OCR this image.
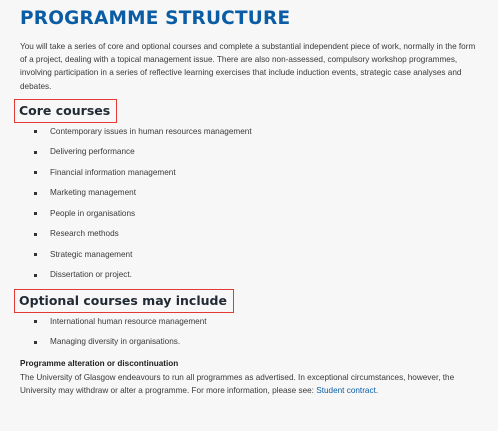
PROGRAMME STRUCTURE

You will take a series of core and optional courses and complete a substantial independent piece of work, normally in the form of a project, dealing with a topical management issue. There are also non-assessed, compulsory workshop programmes, involving participation in a series of reflective learning exercises that include induction events, strategic case analyses and debates.

Core courses
Contemporary issues in human resources management
Delivering performance
Financial information management
Marketing management
People in organisations
Research methods
Strategic management
Dissertation or project.
Optional courses may include
International human resource management
Managing diversity in organisations.

Programme alteration or discontinuation

The University of Glasgow endeavours to run all programmes as advertised. In exceptional circumstances, however, the University may withdraw or alter a programme. For more information, please see: Student contract.
